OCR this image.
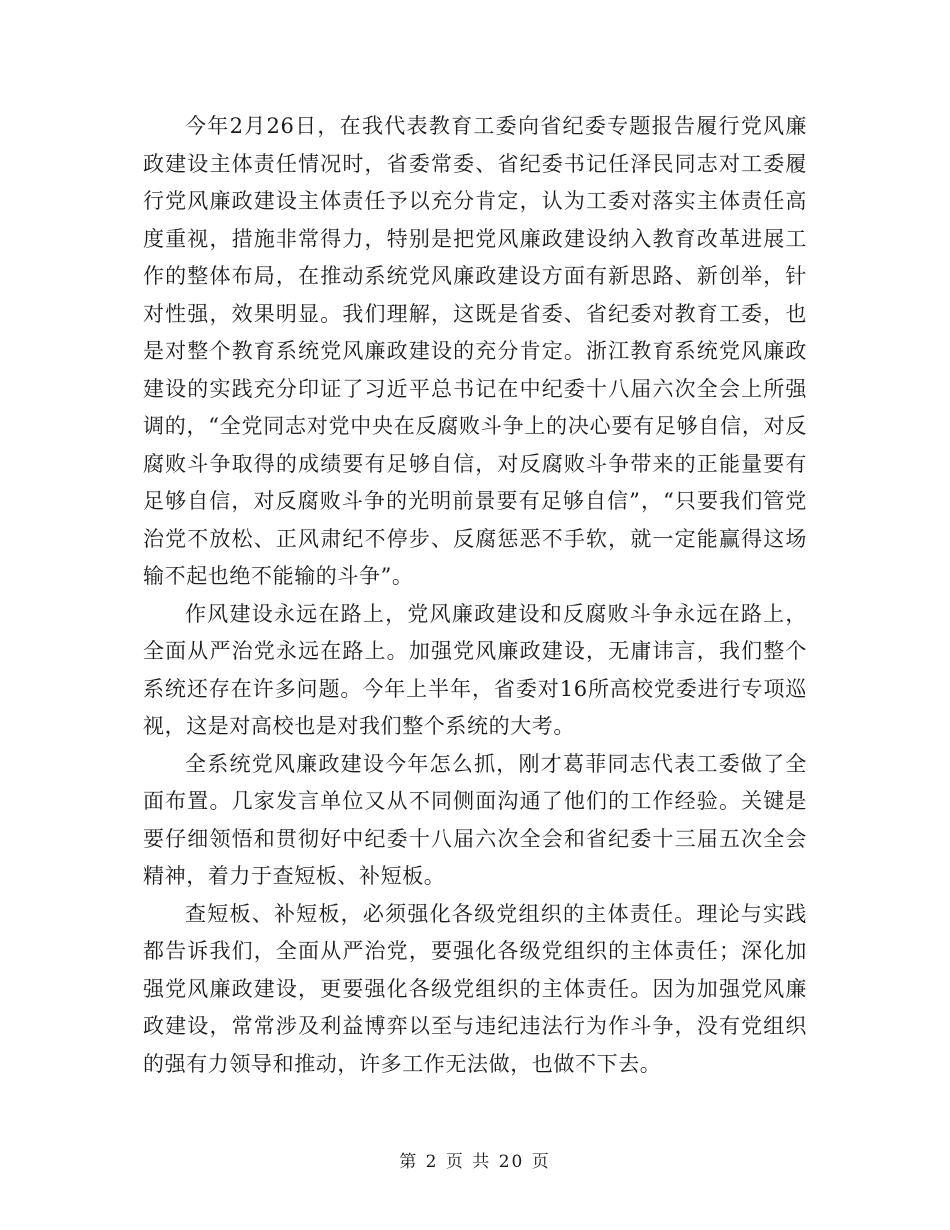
今年2月26日，在我代表教育工委向省纪委专题报告履行党风廉政建设主体责任情况时，省委常委、省纪委书记任泽民同志对工委履行党风廉政建设主体责任予以充分肯定，认为工委对落实主体责任高度重视，措施非常得力，特别是把党风廉政建设纳入教育改革进展工作的整体布局，在推动系统党风廉政建设方面有新思路、新创举，针对性强，效果明显。我们理解，这既是省委、省纪委对教育工委，也是对整个教育系统党风廉政建设的充分肯定。浙江教育系统党风廉政建设的实践充分印证了习近平总书记在中纪委十八届六次全会上所强调的，“全党同志对党中央在反腐败斗争上的决心要有足够自信，对反腐败斗争取得的成绩要有足够自信，对反腐败斗争带来的正能量要有足够自信，对反腐败斗争的光明前景要有足够自信”，“只要我们管党治党不放松、正风肃纪不停步、反腐惩恶不手软，就一定能赢得这场输不起也绝不能输的斗争”。

作风建设永远在路上，党风廉政建设和反腐败斗争永远在路上，全面从严治党永远在路上。加强党风廉政建设，无庸讳言，我们整个系统还存在许多问题。今年上半年，省委对16所高校党委进行专项巡视，这是对高校也是对我们整个系统的大考。

全系统党风廉政建设今年怎么抓，刚才葛菲同志代表工委做了全面布置。几家发言单位又从不同侧面沟通了他们的工作经验。关键是要仔细领悟和贯彻好中纪委十八届六次全会和省纪委十三届五次全会精神，着力于查短板、补短板。

查短板、补短板，必须强化各级党组织的主体责任。理论与实践都告诉我们，全面从严治党，要强化各级党组织的主体责任；深化加强党风廉政建设，更要强化各级党组织的主体责任。因为加强党风廉政建设，常常涉及利益博弈以至与违纪违法行为作斗争，没有党组织的强有力领导和推动，许多工作无法做，也做不下去。

第 2 页 共 20 页
